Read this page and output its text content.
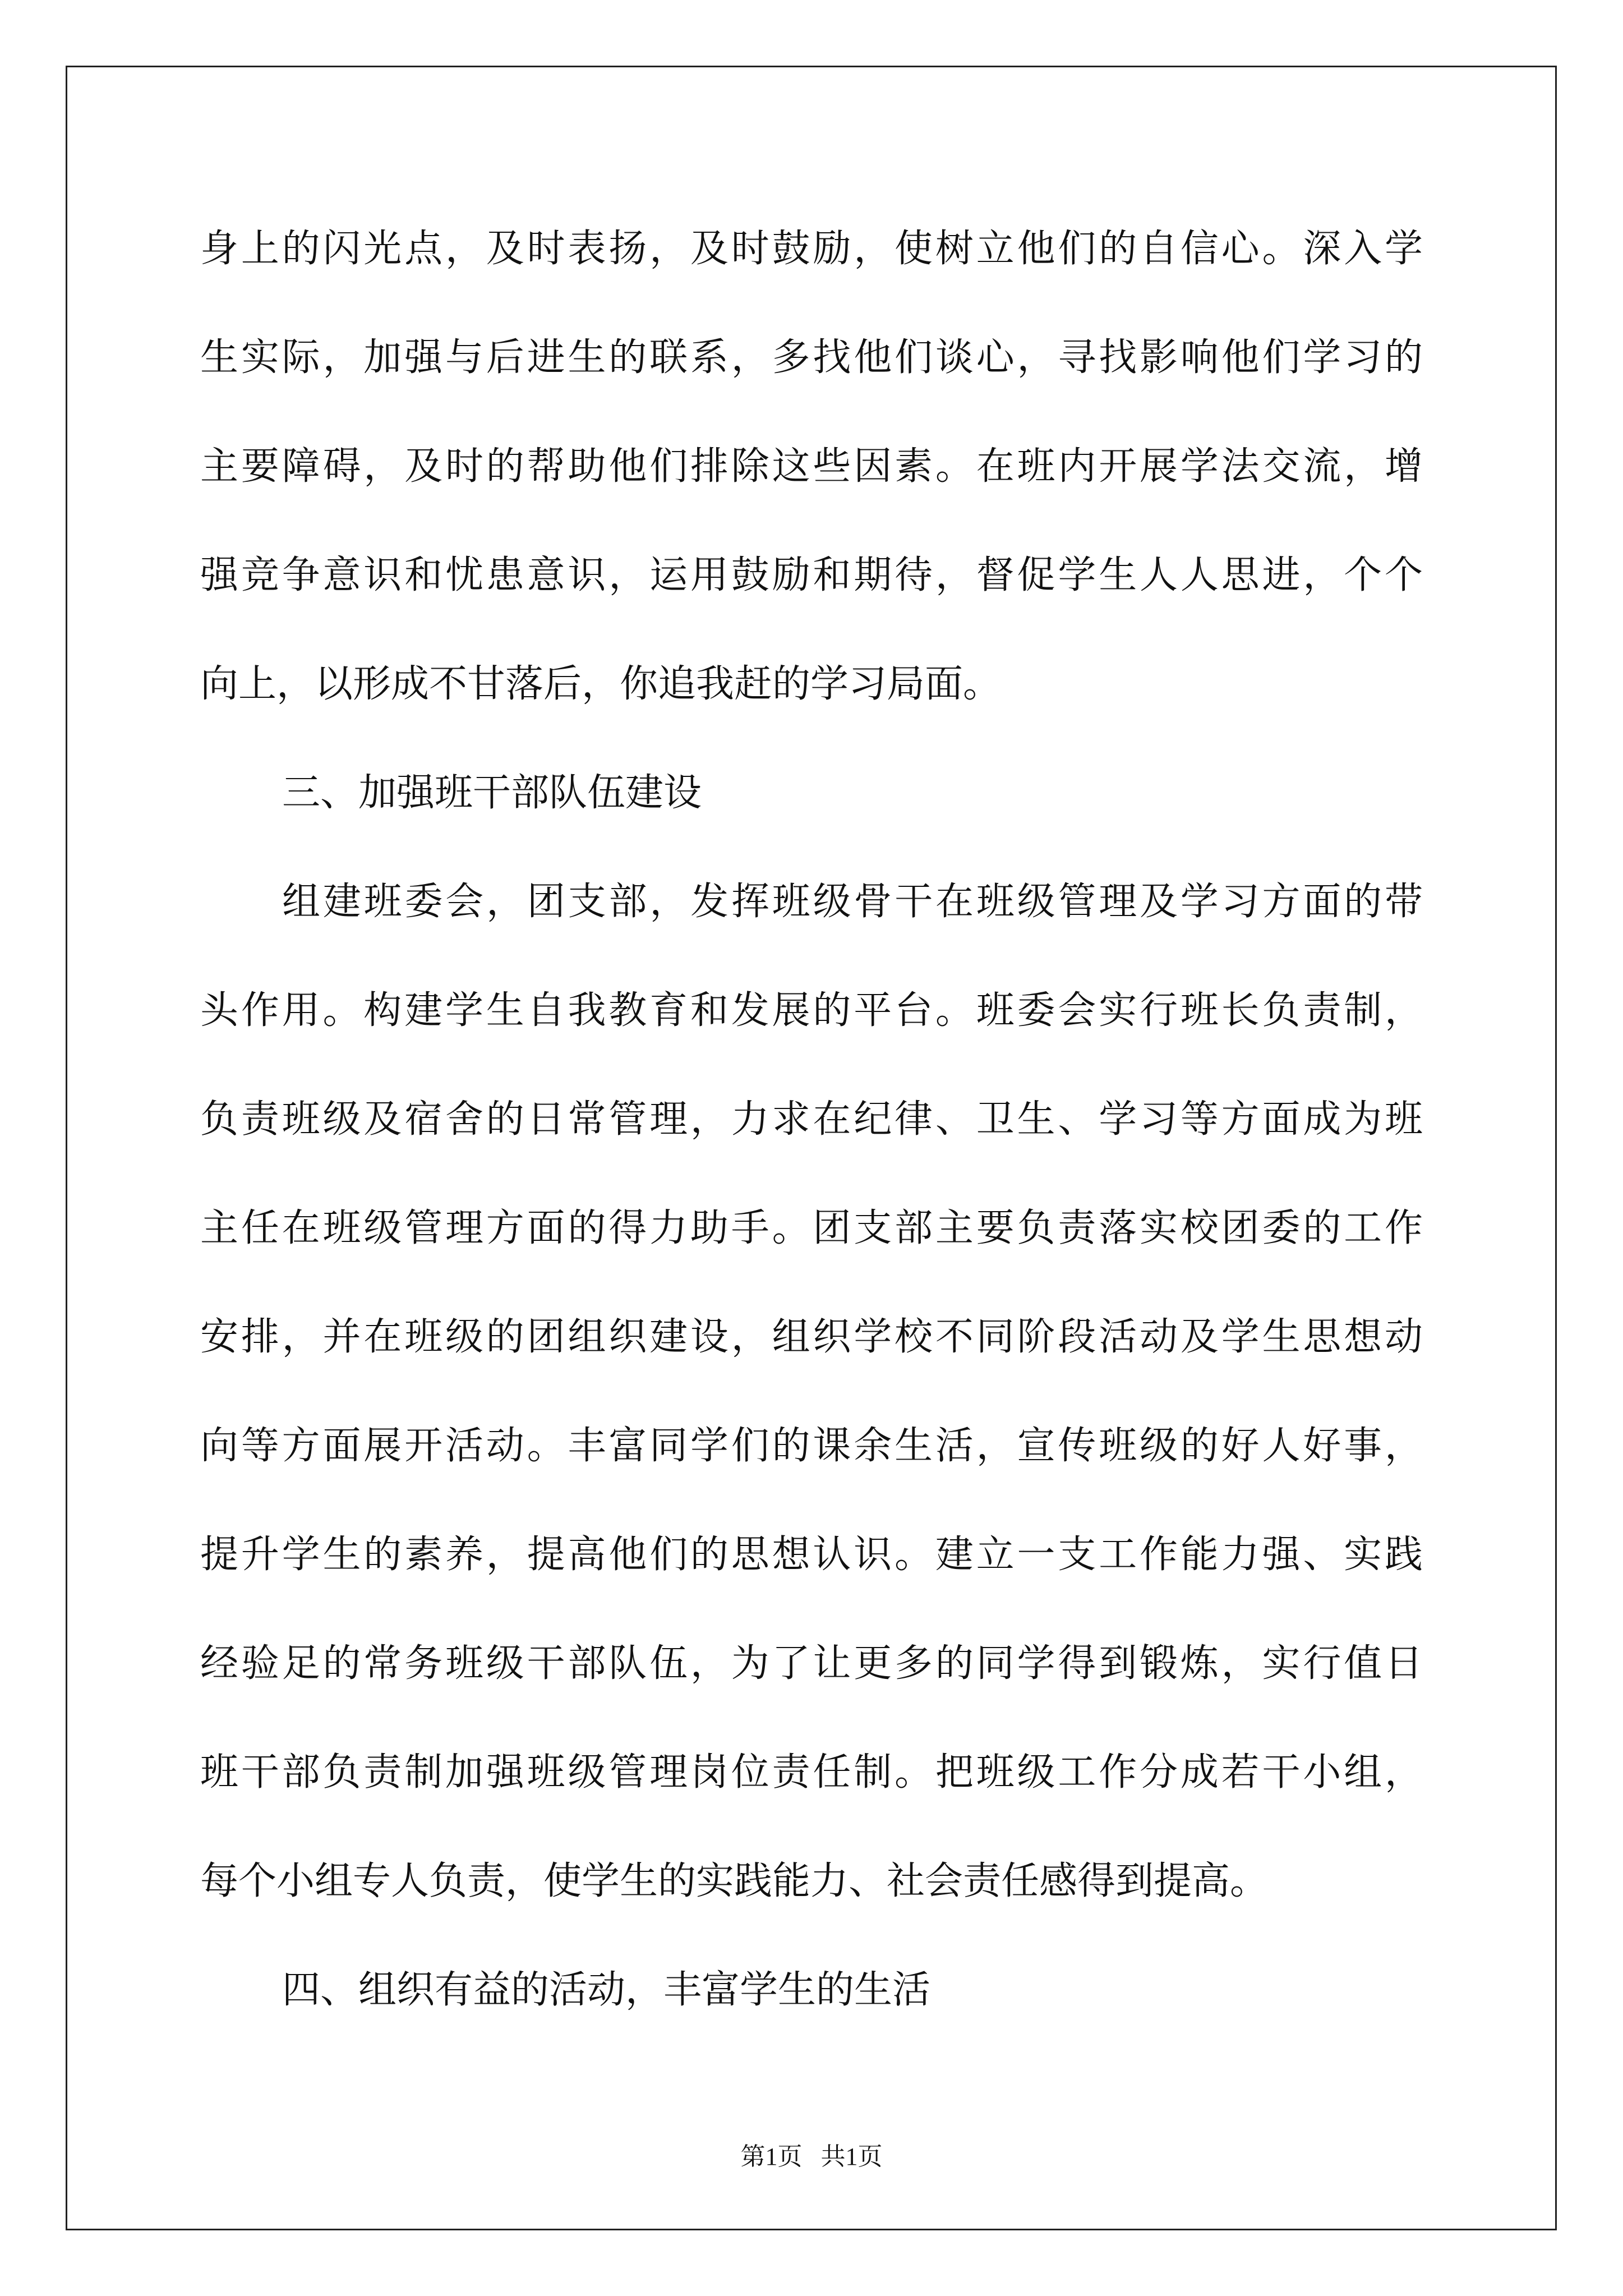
身上的闪光点，及时表扬，及时鼓励，使树立他们的自信心。深入学
生实际，加强与后进生的联系，多找他们谈心，寻找影响他们学习的
主要障碍，及时的帮助他们排除这些因素。在班内开展学法交流，增
强竞争意识和忧患意识，运用鼓励和期待，督促学生人人思进，个个
向上，以形成不甘落后，你追我赶的学习局面。
三、加强班干部队伍建设
组建班委会，团支部，发挥班级骨干在班级管理及学习方面的带
头作用。构建学生自我教育和发展的平台。班委会实行班长负责制，
负责班级及宿舍的日常管理，力求在纪律、卫生、学习等方面成为班
主任在班级管理方面的得力助手。团支部主要负责落实校团委的工作
安排，并在班级的团组织建设，组织学校不同阶段活动及学生思想动
向等方面展开活动。丰富同学们的课余生活，宣传班级的好人好事，
提升学生的素养，提高他们的思想认识。建立一支工作能力强、实践
经验足的常务班级干部队伍，为了让更多的同学得到锻炼，实行值日
班干部负责制加强班级管理岗位责任制。把班级工作分成若干小组，
每个小组专人负责，使学生的实践能力、社会责任感得到提高。
四、组织有益的活动，丰富学生的生活
第1页   共1页
